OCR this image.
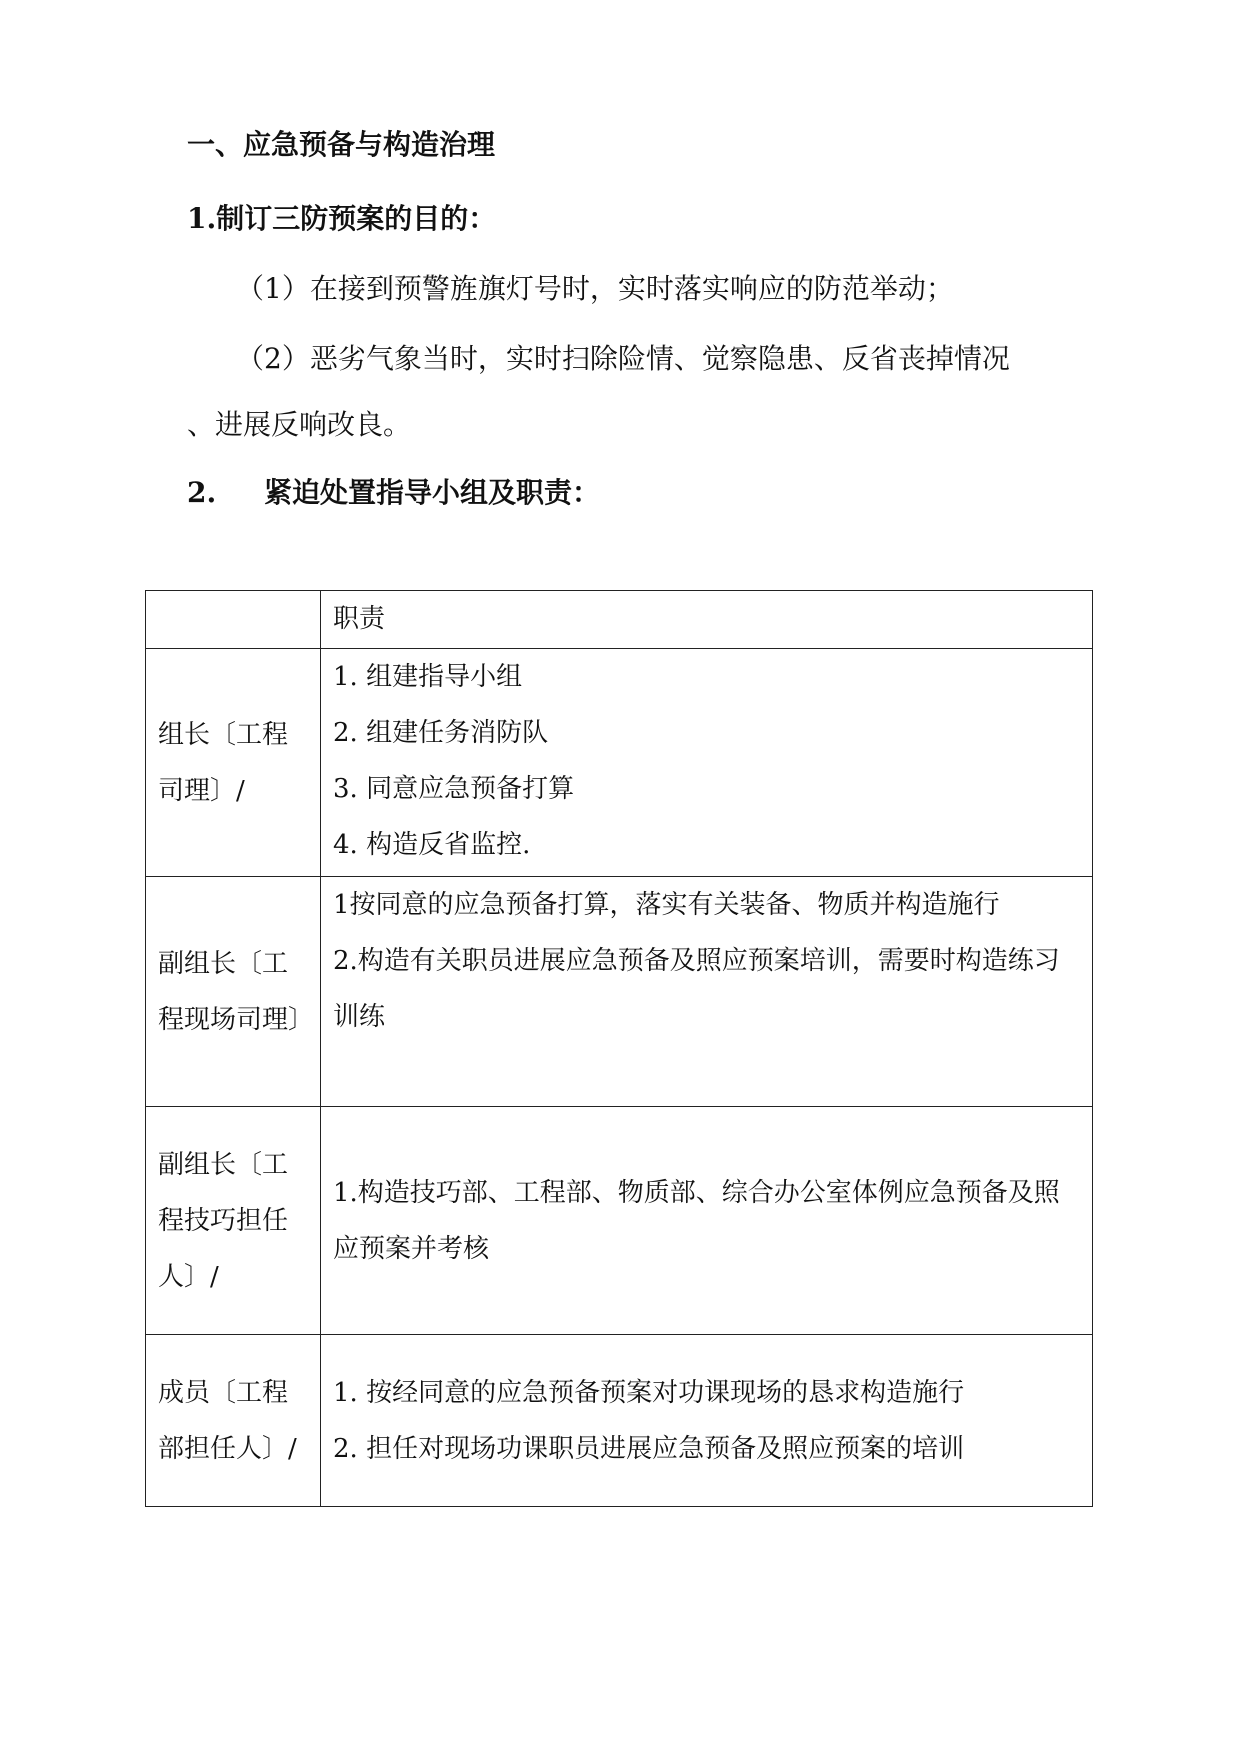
一、应急预备与构造治理
1.制订三防预案的目的：
（1）在接到预警旌旗灯号时，实时落实响应的防范举动；
（2）恶劣气象当时，实时扫除险情、觉察隐患、反省丧掉情况
、进展反响改良。
2. 紧迫处置指导小组及职责：
	职责
组长〔工程司理〕/	1. 组建指导小组
2. 组建任务消防队
3. 同意应急预备打算
4. 构造反省监控.

副组长〔工程现场司理〕	1按同意的应急预备打算，落实有关装备、物质并构造施行
2.构造有关职员进展应急预备及照应预案培训，需要时构造练习训练

副组长〔工程技巧担任人〕/	1.构造技巧部、工程部、物质部、综合办公室体例应急预备及照应预案并考核

成员〔工程部担任人〕/	1. 按经同意的应急预备预案对功课现场的恳求构造施行
2. 担任对现场功课职员进展应急预备及照应预案的培训
